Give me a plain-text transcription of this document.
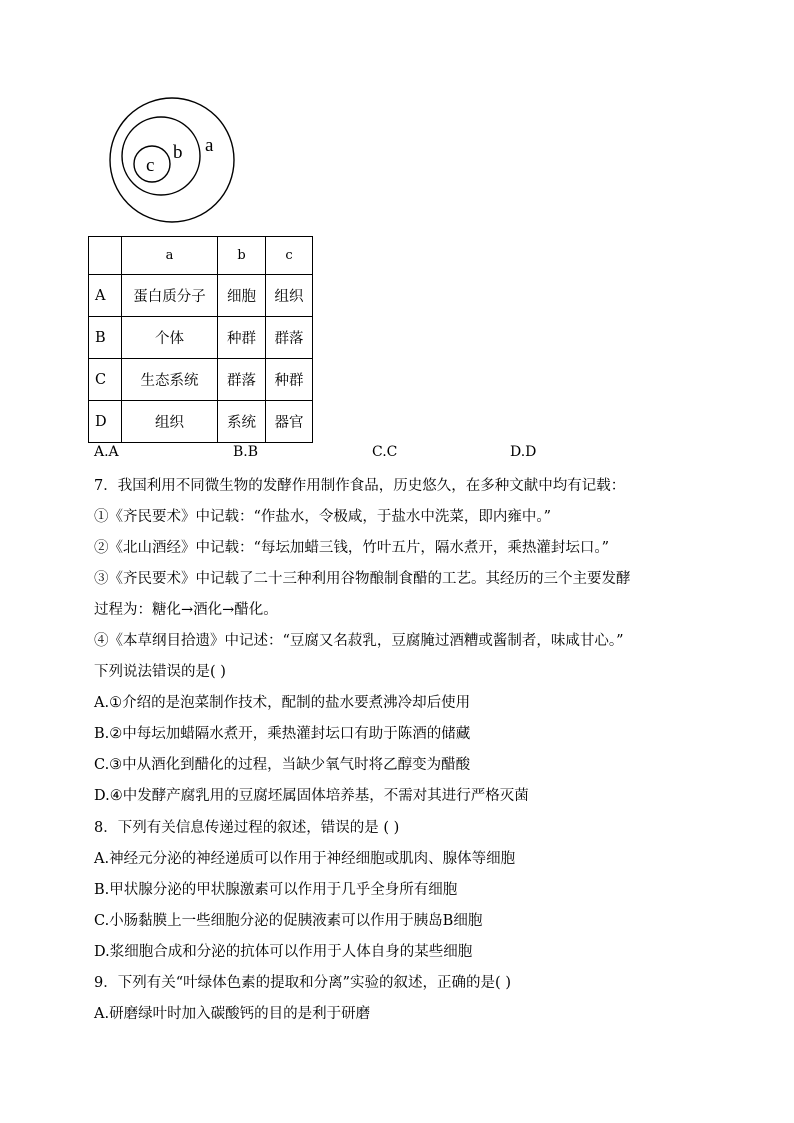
a
b
c
	a	b	c
A	蛋白质分子	细胞	组织
B	个体	种群	群落
C	生态系统	群落	种群
D	组织	系统	器官
A.A	B.B	C.C	D.D
7．我国利用不同微生物的发酵作用制作食品，历史悠久，在多种文献中均有记载：
①《齐民要术》中记载：“作盐水，令极咸，于盐水中洗菜，即内雍中。”
②《北山酒经》中记载：“每坛加蜡三钱，竹叶五片，隔水煮开，乘热灌封坛口。”
③《齐民要术》中记载了二十三种利用谷物酿制食醋的工艺。其经历的三个主要发酵
过程为：糖化→酒化→醋化。
④《本草纲目拾遗》中记述：“豆腐又名菽乳，豆腐腌过酒糟或酱制者，味咸甘心。”
下列说法错误的是( )
A.①介绍的是泡菜制作技术，配制的盐水要煮沸冷却后使用
B.②中每坛加蜡隔水煮开，乘热灌封坛口有助于陈酒的储藏
C.③中从酒化到醋化的过程，当缺少氧气时将乙醇变为醋酸
D.④中发酵产腐乳用的豆腐坯属固体培养基，不需对其进行严格灭菌
8．下列有关信息传递过程的叙述，错误的是 ( )
A.神经元分泌的神经递质可以作用于神经细胞或肌肉、腺体等细胞
B.甲状腺分泌的甲状腺激素可以作用于几乎全身所有细胞
C.小肠黏膜上一些细胞分泌的促胰液素可以作用于胰岛B细胞
D.浆细胞合成和分泌的抗体可以作用于人体自身的某些细胞
9．下列有关“叶绿体色素的提取和分离”实验的叙述，正确的是( )
A.研磨绿叶时加入碳酸钙的目的是利于研磨
